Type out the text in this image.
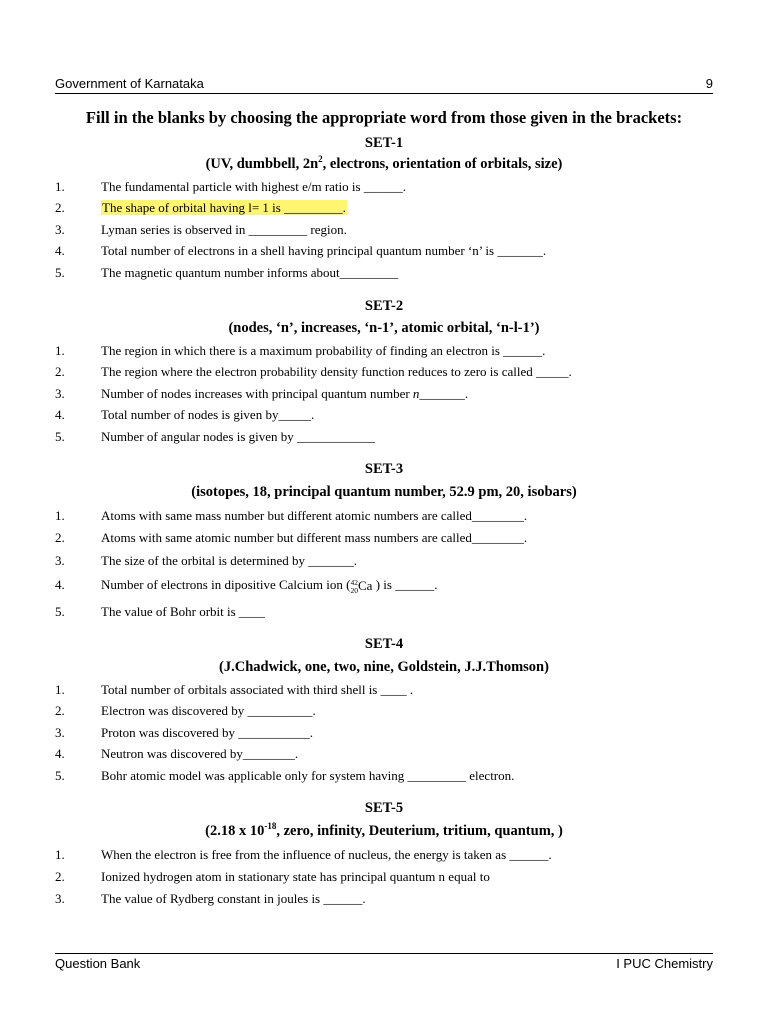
Government of Karnataka	9
Fill in the blanks by choosing the appropriate word from those given in the brackets:
SET-1
(UV, dumbbell, $2n^2$, electrons, orientation of orbitals, size)
1.	The fundamental particle with highest e/m ratio is ______.
2.	The shape of orbital having l= 1 is _________.
3.	Lyman series is observed in _________ region.
4.	Total number of electrons in a shell having principal quantum number ‘n’ is _______.
5.	The magnetic quantum number informs about_________
SET-2
(nodes, ‘n’, increases, ‘n-1’, atomic orbital, ‘n-l-1’)
1.	The region in which there is a maximum probability of finding an electron is ______.
2.	The region where the electron probability density function reduces to zero is called _____.
3.	Number of nodes increases with principal quantum number n_______.
4.	Total number of nodes is given by_____.
5.	Number of angular nodes is given by ____________
SET-3
(isotopes, 18, principal quantum number, 52.9 pm, 20, isobars)
1.	Atoms with same mass number but different atomic numbers are called________.
2.	Atoms with same atomic number but different mass numbers are called________.
3.	The size of the orbital is determined by _______.
4.	Number of electrons in dipositive Calcium ion ( 42
20 Ca ) is ______.
5.	The value of Bohr orbit is ____
SET-4
(J.Chadwick, one, two, nine, Goldstein, J.J.Thomson)
1.	Total number of orbitals associated with third shell is ____ .
2.	Electron was discovered by __________.
3.	Proton was discovered by ___________.
4.	Neutron was discovered by________.
5.	Bohr atomic model was applicable only for system having _________ electron.
SET-5
(2.18 x $10^{-18}$, zero, infinity, Deuterium, tritium, quantum, )
1.	When the electron is free from the influence of nucleus, the energy is taken as ______.
2.	Ionized hydrogen atom in stationary state has principal quantum n equal to
3.	The value of Rydberg constant in joules is ______.
Question Bank	I PUC Chemistry
